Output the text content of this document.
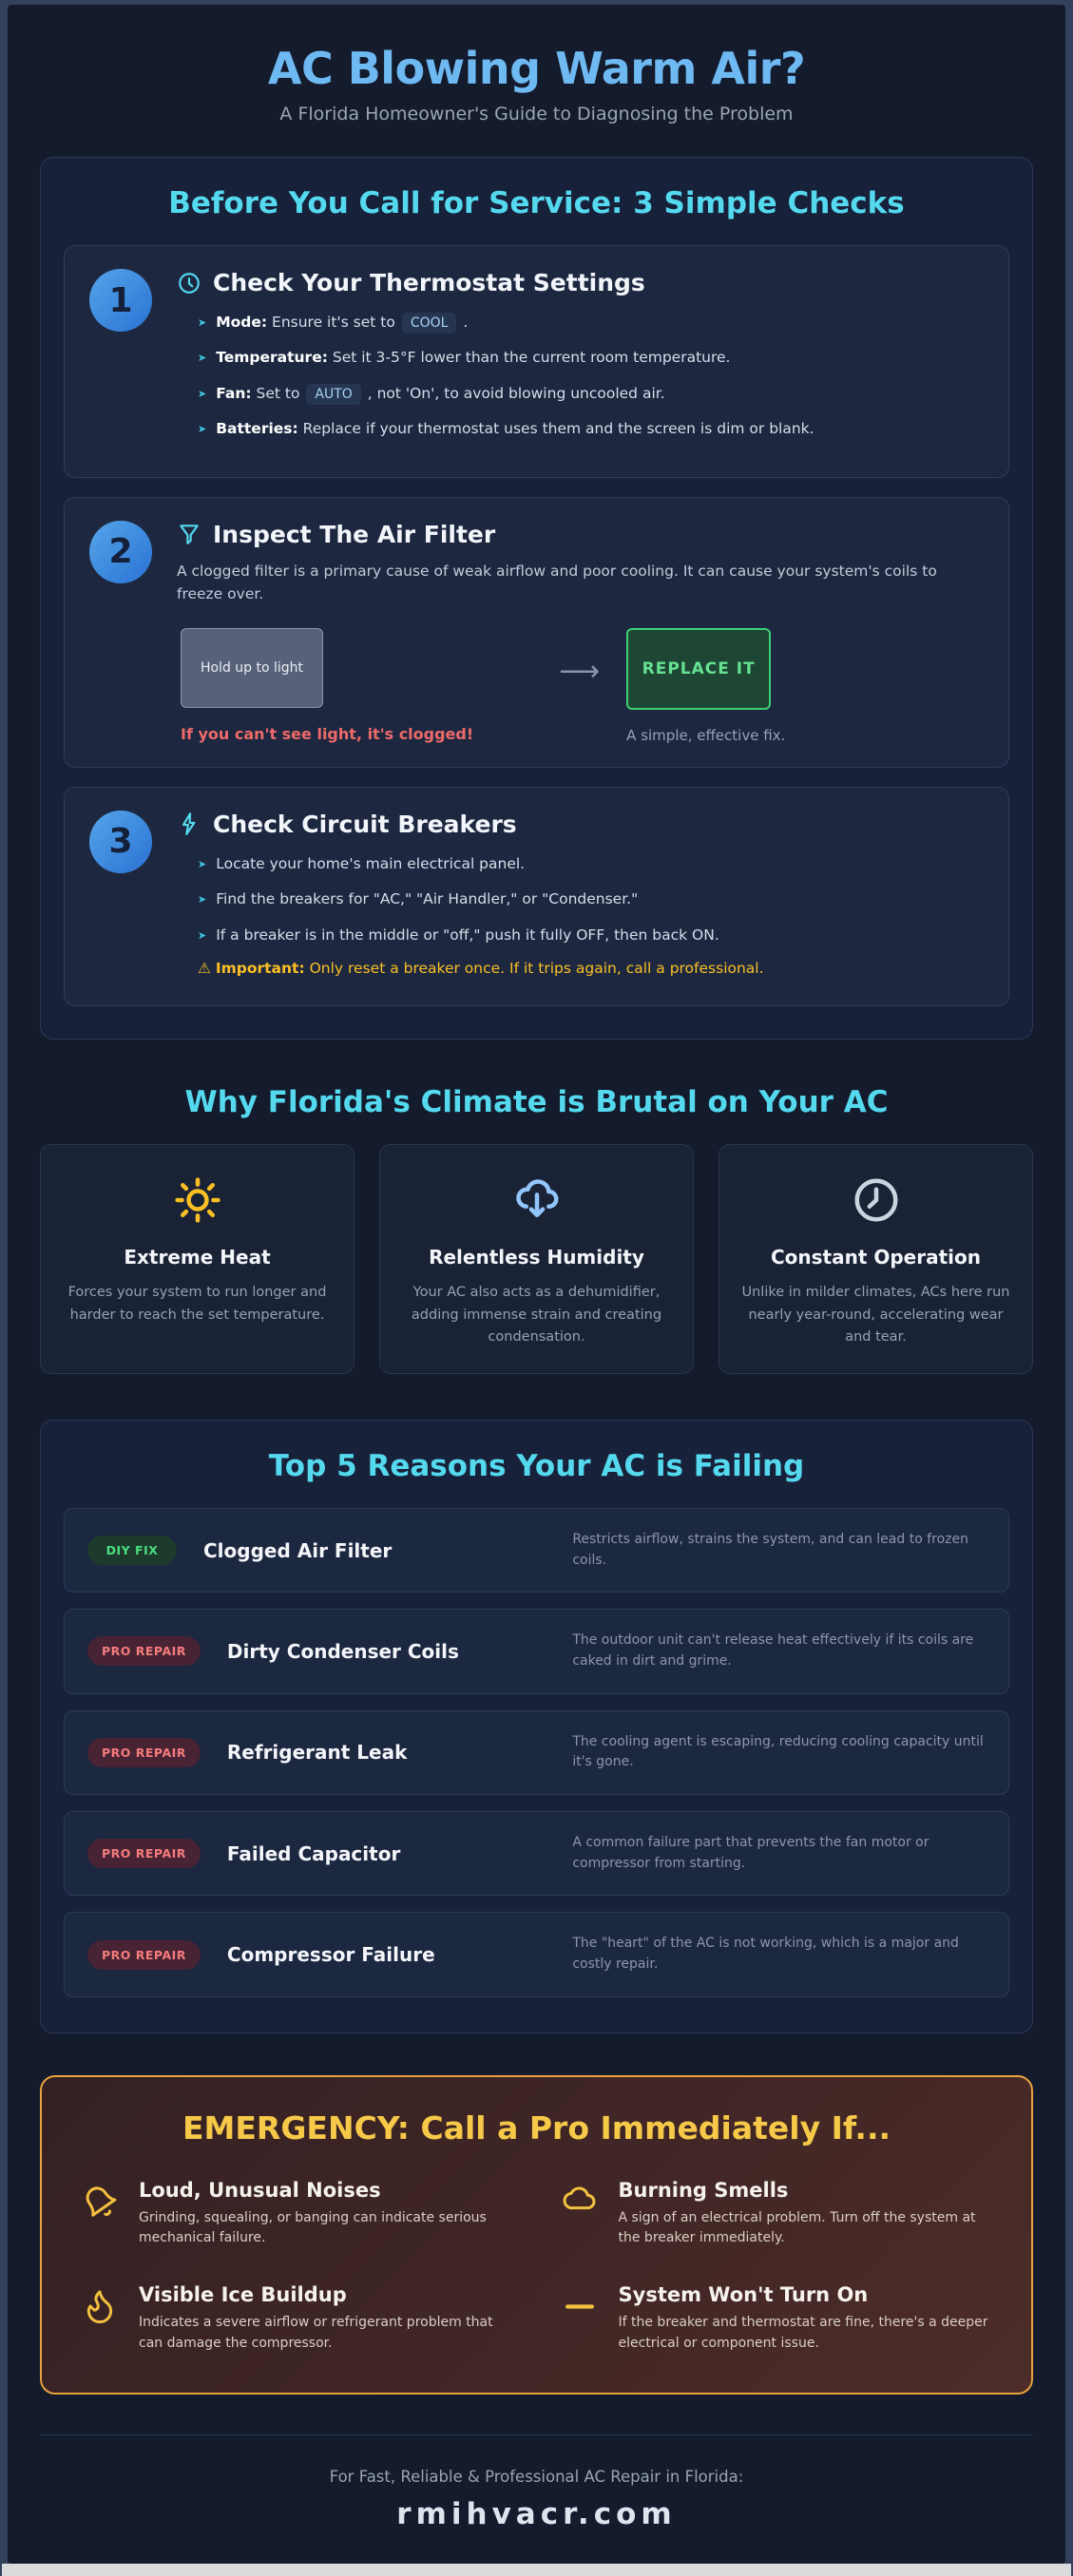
AC Blowing Warm Air?
A Florida Homeowner's Guide to Diagnosing the Problem
Before You Call for Service: 3 Simple Checks
1	Check Your Thermostat Settings
➤ Mode: Ensure it's set to COOL .
➤ Temperature: Set it 3-5°F lower than the current room temperature.
➤ Fan: Set to AUTO , not 'On', to avoid blowing uncooled air.
➤ Batteries: Replace if your thermostat uses them and the screen is dim or blank.
2	Inspect The Air Filter
A clogged filter is a primary cause of weak airflow and poor cooling. It can cause your system's coils to freeze over.
Hold up to light
If you can't see light, it's clogged!
⟶	REPLACE IT
A simple, effective fix.
3	Check Circuit Breakers
➤ Locate your home's main electrical panel.
➤ Find the breakers for "AC," "Air Handler," or "Condenser."
➤ If a breaker is in the middle or "off," push it fully OFF, then back ON.
⚠ Important: Only reset a breaker once. If it trips again, call a professional.
Why Florida's Climate is Brutal on Your AC
Extreme Heat
Forces your system to run longer and harder to reach the set temperature.
Relentless Humidity
Your AC also acts as a dehumidifier, adding immense strain and creating condensation.
Constant Operation
Unlike in milder climates, ACs here run nearly year-round, accelerating wear and tear.
Top 5 Reasons Your AC is Failing
DIY FIX	Clogged Air Filter	Restricts airflow, strains the system, and can lead to frozen coils.
PRO REPAIR	Dirty Condenser Coils	The outdoor unit can't release heat effectively if its coils are caked in dirt and grime.
PRO REPAIR	Refrigerant Leak	The cooling agent is escaping, reducing cooling capacity until it's gone.
PRO REPAIR	Failed Capacitor	A common failure part that prevents the fan motor or compressor from starting.
PRO REPAIR	Compressor Failure	The "heart" of the AC is not working, which is a major and costly repair.
EMERGENCY: Call a Pro Immediately If...
Loud, Unusual Noises
Grinding, squealing, or banging can indicate serious mechanical failure.
Burning Smells
A sign of an electrical problem. Turn off the system at the breaker immediately.
Visible Ice Buildup
Indicates a severe airflow or refrigerant problem that can damage the compressor.
System Won't Turn On
If the breaker and thermostat are fine, there's a deeper electrical or component issue.
For Fast, Reliable & Professional AC Repair in Florida:
rmihvacr.com
